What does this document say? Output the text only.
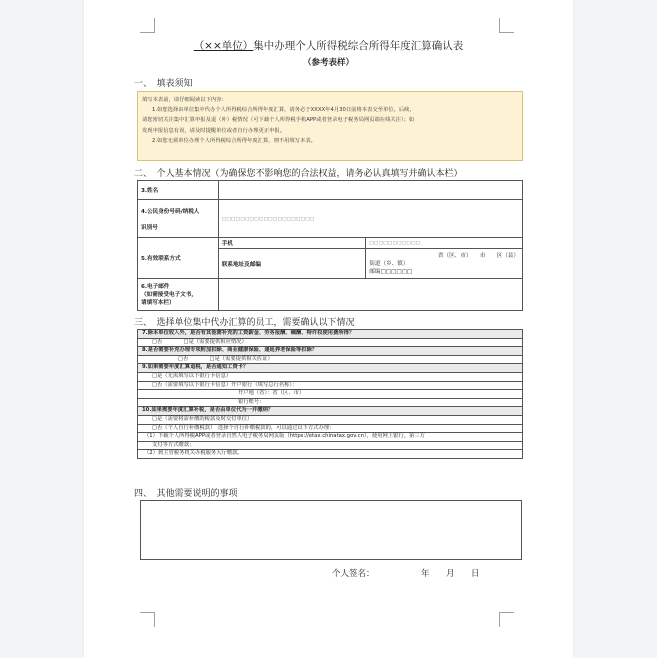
（××单位）集中办理个人所得税综合所得年度汇算确认表
（参考表样）
一、　填表须知

填写本表前，请仔细阅读以下内容：

1.如您选择由单位集中代办个人所得税综合所得年度汇算，请务必于XXXX年4月30日前将本表交至单位。后续，

请您密切关注集中汇算申报及退（补）税情况（可下载个人所得税手机APP或者登录电子税务局网页端在线关注）；如

发现申报信息有误，请及时提醒单位或者自行办理更正申报。

2.如您无须单位办理个人所得税综合所得年度汇算，则不用填写本表。

二、　个人基本情况（为确保您不影响您的合法权益，请务必认真填写并确认本栏）
3.姓名		

4.公民身份号码/纳税人
识别号	□□□□□□□□□□□□□□□□□□□□	
5.有效联系方式	手机	□□□□□□□□□□□
	联系地址及邮编	省（区、市）　　市　　区（县）
街道（乡、镇）
邮编□□□□□□

6.电子邮件
（如需接受电子文书，
请填写本栏）		

三、　选择单位集中代办汇算的员工，需要确认以下情况
7.除本单位收入外，是否有其他需补充的工资薪金、劳务报酬、稿酬、特许权使用费所得？
□否　　　　□是（需要提供相应情况）
8.是否需要补充办理专项附加扣除、商业健康保险、递延养老保险等扣除？
□否　　　　□是（需要提供相关佐证）
9.如果需要年度汇算退税，是否通知工资卡？
□是（无需填写以下银行卡信息）
□否（需要填写以下银行卡信息）开户银行（填写总行名称）：
开户地（省）：省（区、市）
银行账号：
10.如果需要年度汇算补税，是否由单位代为一并缴纳？
□是（需要将需补缴的税款及时交付单位）
□否（个人自行补缴税款）　选择个自行补缴税款的，可以通过以下方式办理：
（1）下载个人所得税APP或者登录自然人电子税务局网页版（https://etax.chinatax.gov.cn），使用网上银行，第三方
支付等方式缴款；
（2）到主管税务机关办税服务大厅缴款。
四、　其他需要说明的事项
个人签名：	年 月 日
